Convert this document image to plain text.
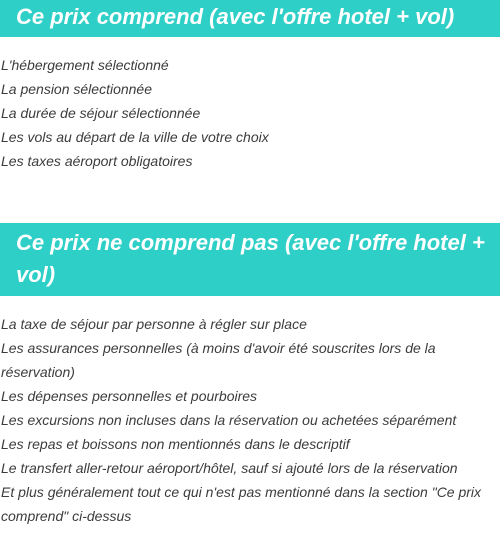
Ce prix comprend (avec l'offre hotel + vol)
L'hébergement sélectionné
La pension sélectionnée
La durée de séjour sélectionnée
Les vols au départ de la ville de votre choix
Les taxes aéroport obligatoires
Ce prix ne comprend pas (avec l'offre hotel + vol)
La taxe de séjour par personne à régler sur place
Les assurances personnelles (à moins d'avoir été souscrites lors de la réservation)
Les dépenses personnelles et pourboires
Les excursions non incluses dans la réservation ou achetées séparément
Les repas et boissons non mentionnés dans le descriptif
Le transfert aller-retour aéroport/hôtel, sauf si ajouté lors de la réservation
Et plus généralement tout ce qui n'est pas mentionné dans la section "Ce prix comprend" ci-dessus
